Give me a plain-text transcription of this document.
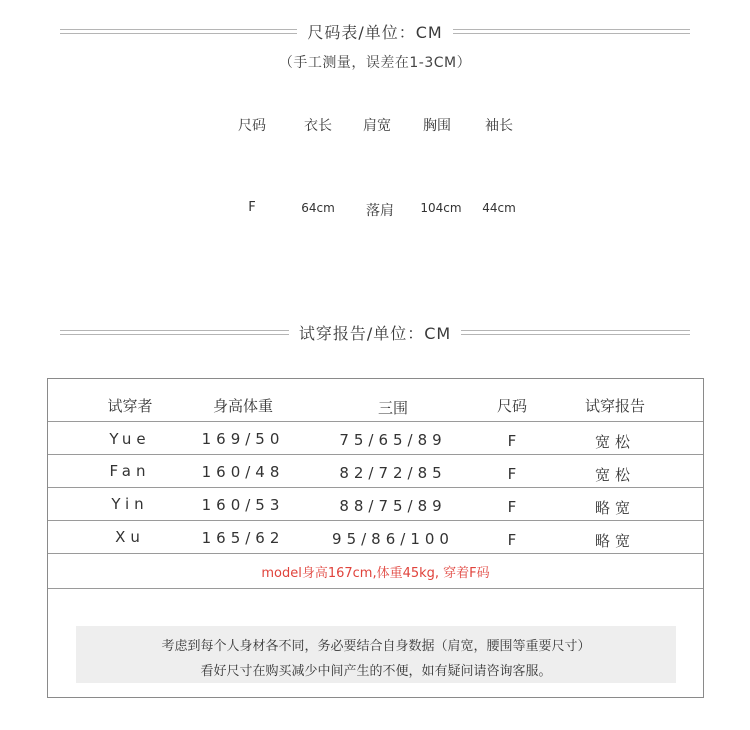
尺码表/单位：CM
（手工测量，误差在1-3CM）
尺码	衣长	肩宽	胸围	袖长
F	64cm	落肩	104cm	44cm
试穿报告/单位：CM
试穿者	身高体重	三围	尺码	试穿报告
Yue	169/50	75/65/89	F	宽松
Fan	160/48	82/72/85	F	宽松
Yin	160/53	88/75/89	F	略宽
Xu	165/62	95/86/100	F	略宽
model身高167cm,体重45kg, 穿着F码
考虑到每个人身材各不同，务必要结合自身数据（肩宽，腰围等重要尺寸）
看好尺寸在购买减少中间产生的不便，如有疑问请咨询客服。
